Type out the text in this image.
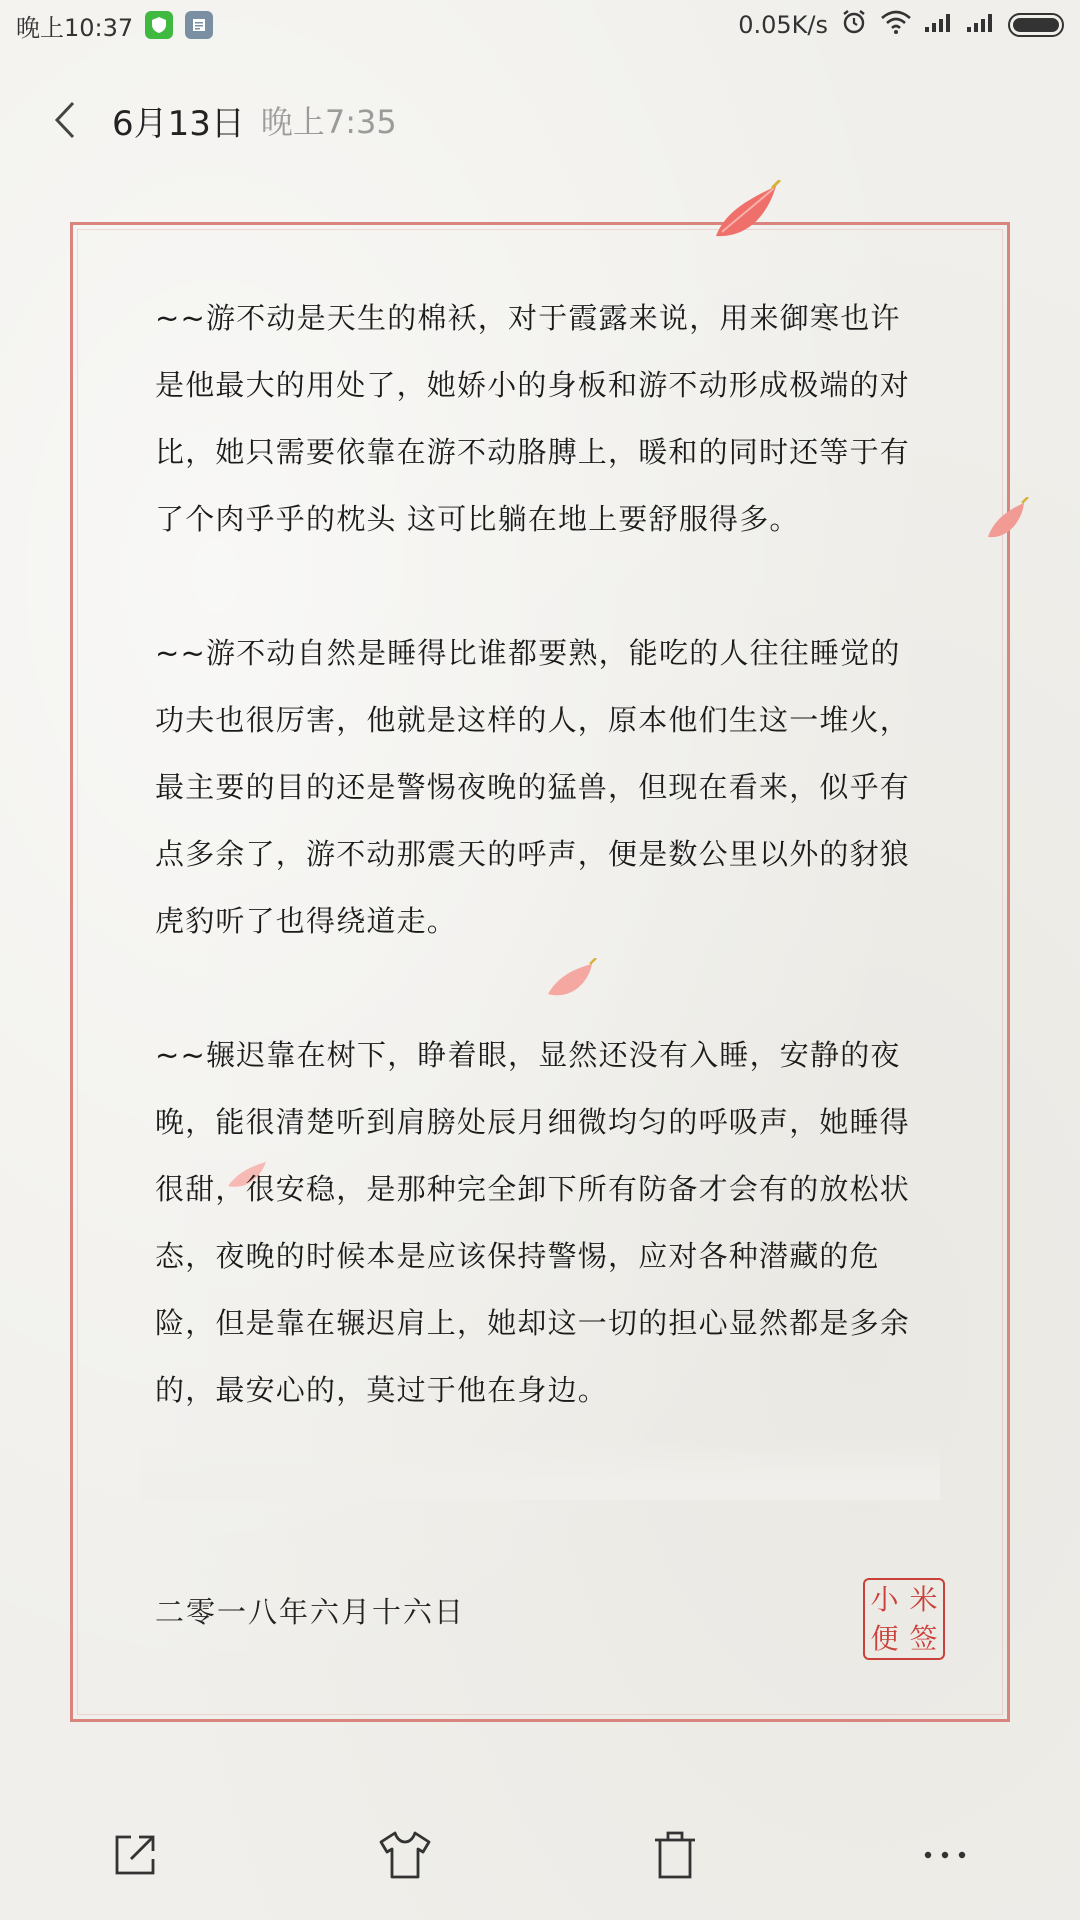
晚上10:37	0.05K/s
6月13日 晚上7:35

~~游不动是天生的棉袄，对于霞露来说，用来御寒也许是他最大的用处了，她娇小的身板和游不动形成极端的对比，她只需要依靠在游不动胳膊上，暖和的同时还等于有了个肉乎乎的枕头 这可比躺在地上要舒服得多。

~~游不动自然是睡得比谁都要熟，能吃的人往往睡觉的功夫也很厉害，他就是这样的人，原本他们生这一堆火，最主要的目的还是警惕夜晚的猛兽，但现在看来，似乎有点多余了，游不动那震天的呼声，便是数公里以外的豺狼虎豹听了也得绕道走。

~~辗迟靠在树下，睁着眼，显然还没有入睡，安静的夜晚，能很清楚听到肩膀处辰月细微均匀的呼吸声，她睡得很甜，很安稳，是那种完全卸下所有防备才会有的放松状态，夜晚的时候本是应该保持警惕，应对各种潜藏的危险，但是靠在辗迟肩上，她却这一切的担心显然都是多余的，最安心的，莫过于他在身边。

二零一八年六月十六日	小 米
便 签
